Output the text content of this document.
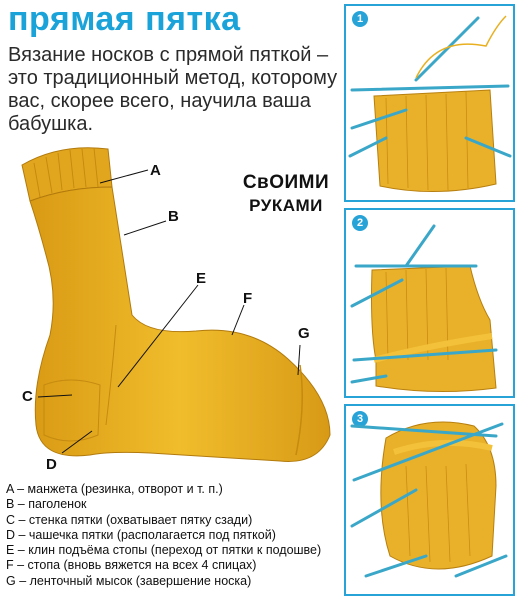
прямая пятка
Вязание носков с прямой пяткой – это традиционный метод, которому вас, скорее всего, научила ваша бабушка.
A
B
E
F
G
C
D
СвОИМИ
РУКАМИ
A – манжета (резинка, отворот и т. п.)
B – паголенок
C – стенка пятки (охватывает пятку сзади)
D – чашечка пятки (располагается под пяткой)
E – клин подъёма стопы (переход от пятки к подошве)
F – стопа (вновь вяжется на всех 4 спицах)
G – ленточный мысок (завершение носка)
1
2
3
